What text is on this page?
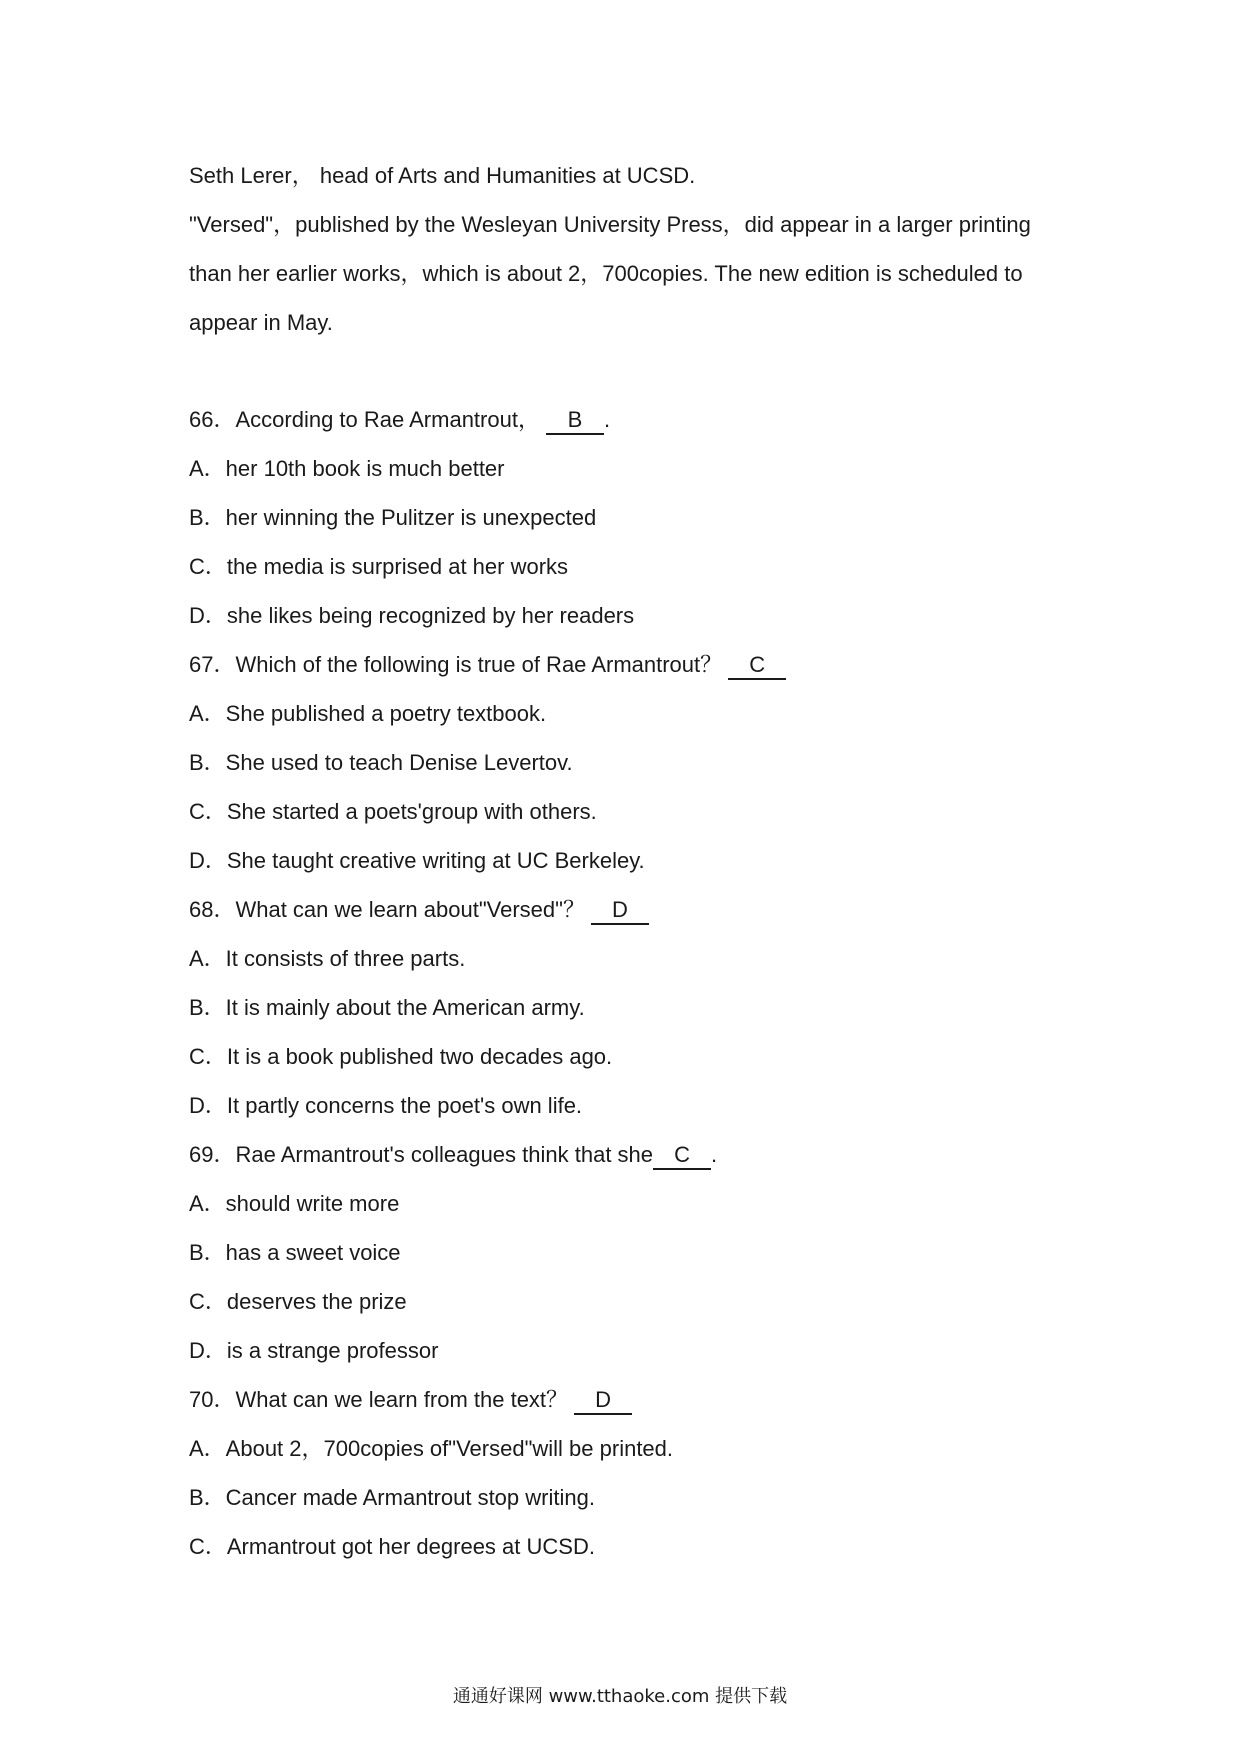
Seth Lerer， head of Arts and Humanities at UCSD.
"Versed"，published by the Wesleyan University Press，did appear in a larger printing
than her earlier works，which is about 2，700copies. The new edition is scheduled to
appear in May.
66．According to Rae Armantrout， B .
A．her 10th book is much better
B．her winning the Pulitzer is unexpected
C．the media is surprised at her works
D．she likes being recognized by her readers
67．Which of the following is true of Rae Armantrout？ C
A．She published a poetry textbook.
B．She used to teach Denise Levertov.
C．She started a poets'group with others.
D．She taught creative writing at UC Berkeley.
68．What can we learn about"Versed"？ D
A．It consists of three parts.
B．It is mainly about the American army.
C．It is a book published two decades ago.
D．It partly concerns the poet's own life.
69．Rae Armantrout's colleagues think that she C .
A．should write more
B．has a sweet voice
C．deserves the prize
D．is a strange professor
70．What can we learn from the text？ D
A．About 2，700copies of"Versed"will be printed.
B．Cancer made Armantrout stop writing.
C．Armantrout got her degrees at UCSD.
通通好课网 www.tthaoke.com 提供下载
